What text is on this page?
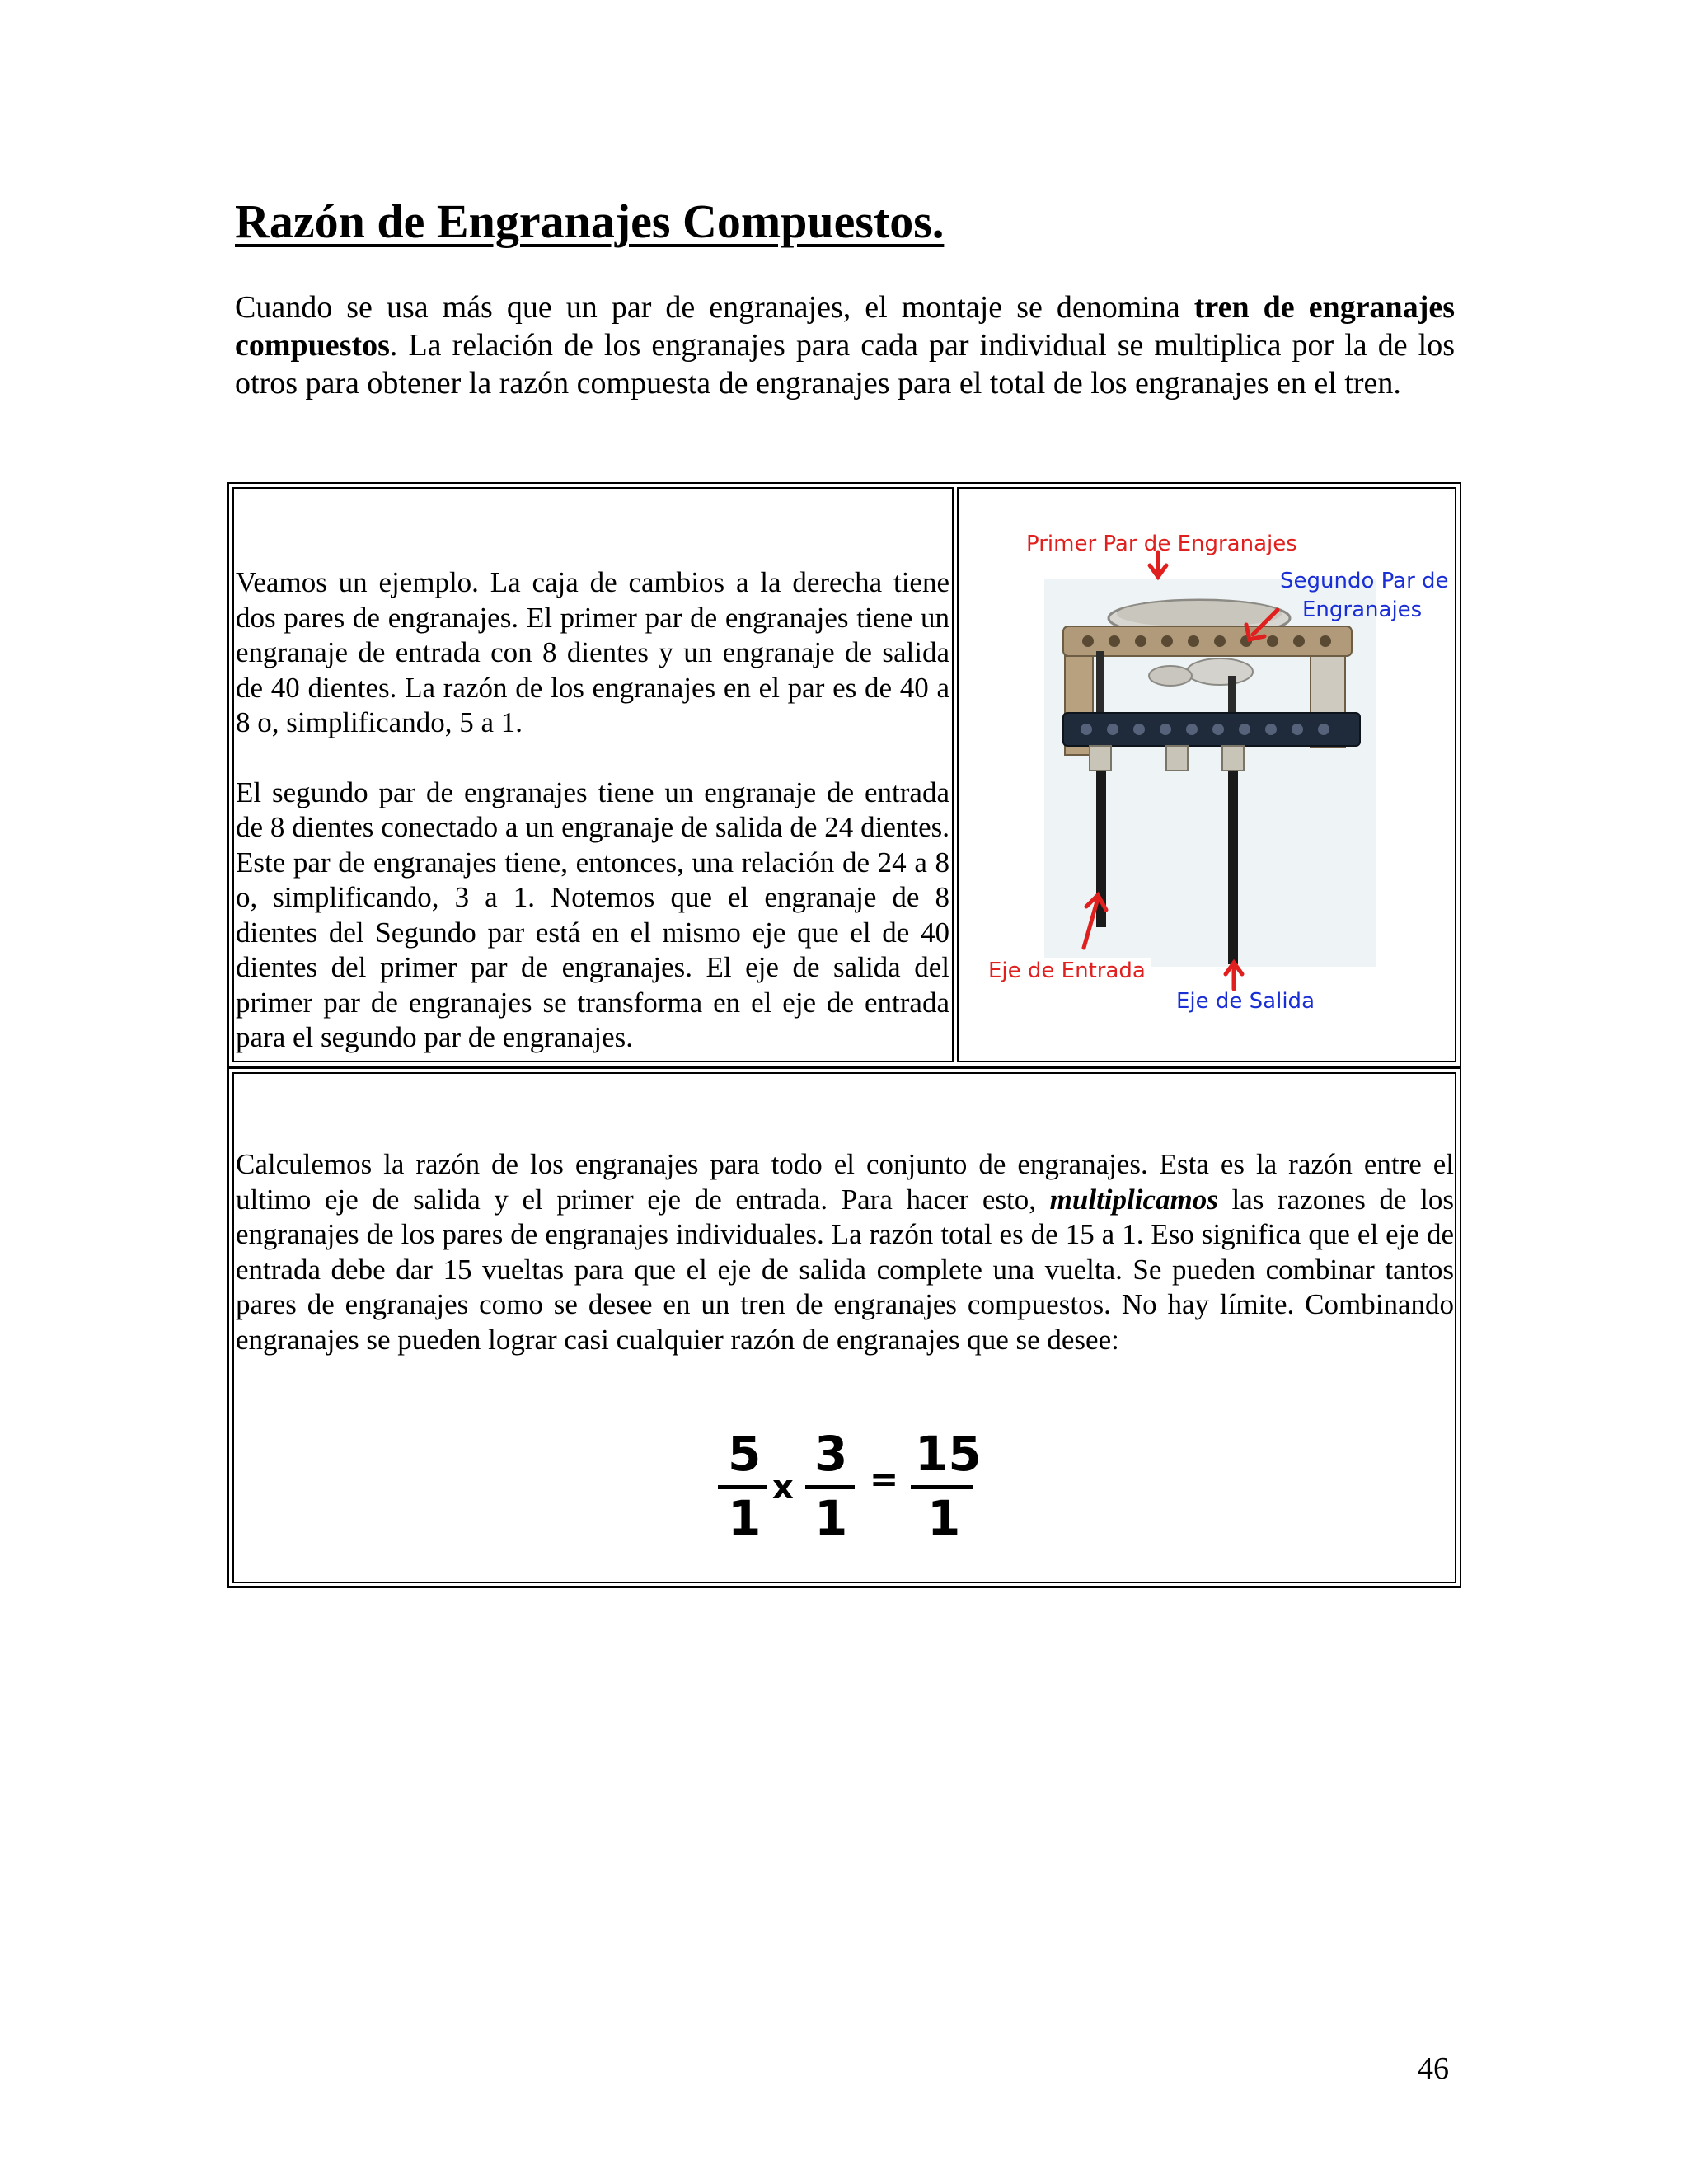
Razón de Engranajes Compuestos.

Cuando se usa más que un par de engranajes, el montaje se denomina tren de engranajes compuestos. La relación de los engranajes para cada par individual se multiplica por la de los otros para obtener la razón compuesta de engranajes para el total de los engranajes en el tren.

Veamos un ejemplo. La caja de cambios a la derecha tiene dos pares de engranajes. El primer par de engranajes tiene un engranaje de entrada con 8 dientes y un engranaje de salida de 40 dientes. La razón de los engranajes en el par es de 40 a 8 o, simplificando, 5 a 1.

El segundo par de engranajes tiene un engranaje de entrada de 8 dientes conectado a un engranaje de salida de 24 dientes. Este par de engranajes tiene, entonces, una relación de 24 a 8 o, simplificando, 3 a 1. Notemos que el engranaje de 8 dientes del Segundo par está en el mismo eje que el de 40 dientes del primer par de engranajes. El eje de salida del primer par de engranajes se transforma en el eje de entrada para el segundo par de engranajes.

Primer Par de Engranajes
Segundo Par de
Engranajes
Eje de Entrada
Eje de Salida

Calculemos la razón de los engranajes para todo el conjunto de engranajes. Esta es la razón entre el ultimo eje de salida y el primer eje de entrada. Para hacer esto, multiplicamos las razones de los engranajes de los pares de engranajes individuales. La razón total es de 15 a 1. Eso significa que el eje de entrada debe dar 15 vueltas para que el eje de salida complete una vuelta. Se pueden combinar tantos pares de engranajes como se desee en un tren de engranajes compuestos. No hay límite. Combinando engranajes se pueden lograr casi cualquier razón de engranajes que se desee:

5
1
x
3
1
= 15
1
46
